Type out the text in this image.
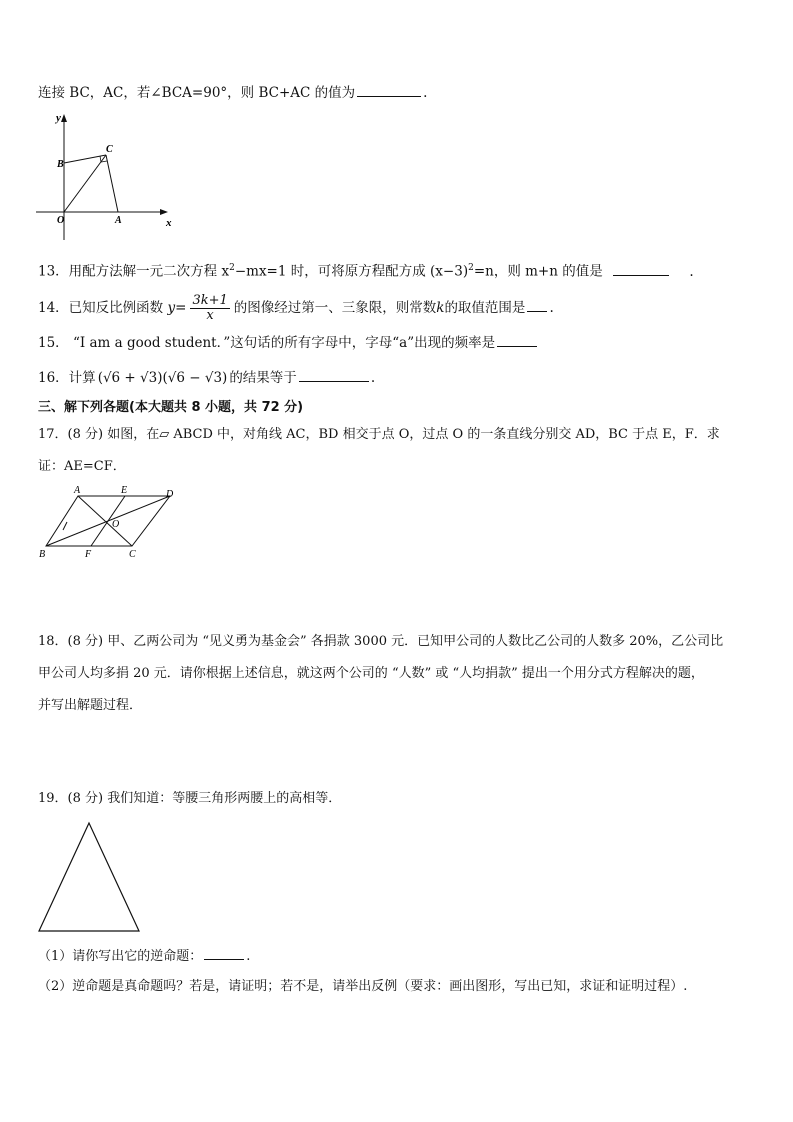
连接 BC，AC，若∠BCA=90°，则 BC+AC 的值为	.
y
x
O	A
B
C
13．用配方法解一元二次方程 $x^2-mx=1$ 时，可将原方程配方成 $(x-3)^2=n$，则 m+n 的值是	.
14．已知反比例函数 $y= \frac{3k+1}{x}$ 的图像经过第一、三象限，则常数k的取值范围是 .
15． “I am a good student．”这句话的所有字母中，字母“a”出现的频率是
16．计算 (√6 + √3)(√6 − √3) 的结果等于	.
三、解下列各题(本大题共 8 小题，共 72 分)
17．(8 分) 如图，在▱ ABCD 中，对角线 AC，BD 相交于点 O，过点 O 的一条直线分别交 AD，BC 于点 E，F．求
证：AE=CF．
A	E	D
O
B	F	C
18．(8 分) 甲、乙两公司为 “见义勇为基金会” 各捐款 3000 元．已知甲公司的人数比乙公司的人数多 20%，乙公司比
甲公司人均多捐 20 元．请你根据上述信息，就这两个公司的 “人数” 或 “人均捐款” 提出一个用分式方程解决的题，
并写出解题过程．
19．(8 分) 我们知道：等腰三角形两腰上的高相等．
（1）请你写出它的逆命题：	.
（2）逆命题是真命题吗？若是，请证明；若不是，请举出反例（要求：画出图形，写出已知，求证和证明过程）.
